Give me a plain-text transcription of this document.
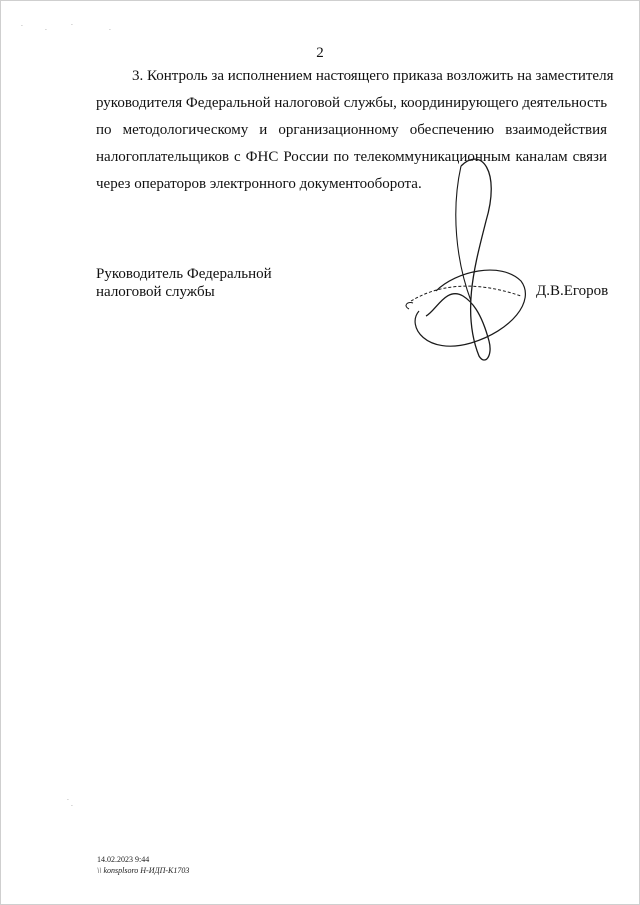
·
·
·
·
·
·
2

3. Контроль за исполнением настоящего приказа возложить на заместителя
руководителя Федеральной налоговой службы, координирующего деятельность
по методологическому и организационному обеспечению взаимодействия
налогоплательщиков с ФНС России по телекоммуникационным каналам связи
через операторов электронного документооборота.

Руководитель Федеральной
налоговой службы	Д.В.Егоров
14.02.2023 9:44
\\ konsplsoro Н-ИДП-К1703
